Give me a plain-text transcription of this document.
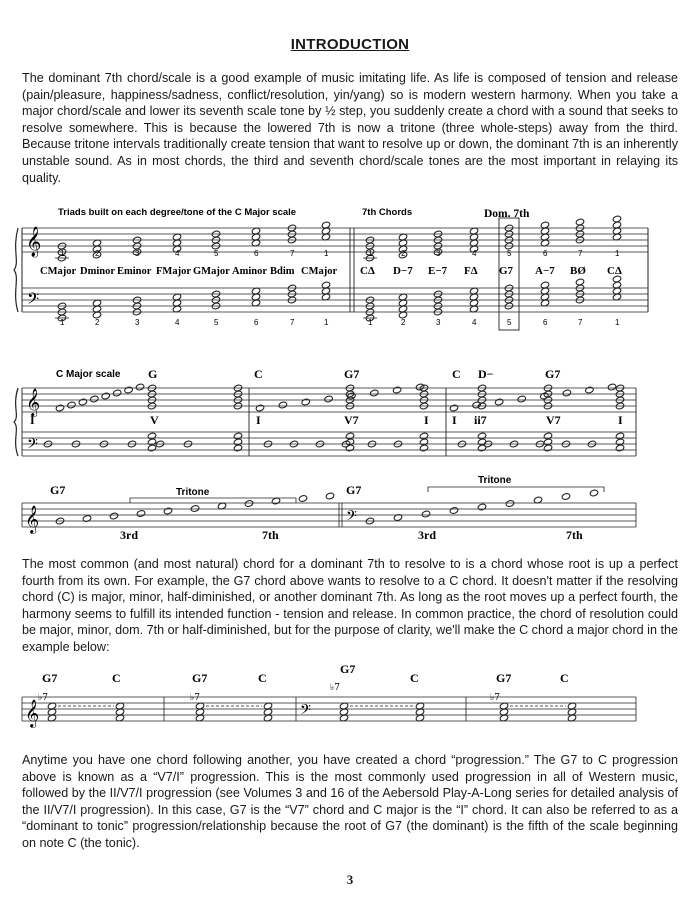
INTRODUCTION

The dominant 7th chord/scale is a good example of music imitating life. As life is composed of tension and release (pain/pleasure, happiness/sadness, conflict/resolution, yin/yang) so is modern western harmony. When you take a major chord/scale and lower its seventh scale tone by ½ step, you suddenly create a chord with a sound that seeks to resolve somewhere. This is because the lowered 7th is now a tritone (three whole-steps) away from the third. Because tritone intervals traditionally create tension that want to resolve up or down, the dominant 7th is an inherently unstable sound. As in most chords, the third and seventh chord/scale tones are the most important in relaying its quality.

Triads built on each degree/tone of the C Major scale	7th Chords	Dom. 7th
𝄞
𝄢
CMajor Dminor Eminor FMajor GMajor Aminor Bdim CMajor CΔ D−7 E−7 FΔ G7 A−7 BØ CΔ
1
1
1
1
2
2
2
2
3
3
3
3
4
4
4
4
5
5
5
5
6
6
6
6
7
7
7
7
1
1
1
1
C Major scale G	C	G7	C D−	G7
𝄞
𝄢
I	V	I	V7	I I ii7	V7	I
𝄞	𝄢
G7	G7
Tritone
Tritone
3rd	7th	3rd	7th
𝄞	𝄢
G7	C	G7	C
G7
C	G7	C
♭7	♭7
♭7
♭7

The most common (and most natural) chord for a dominant 7th to resolve to is a chord whose root is up a perfect fourth from its own. For example, the G7 chord above wants to resolve to a C chord. It doesn't matter if the resolving chord (C) is major, minor, half-diminished, or another dominant 7th. As long as the root moves up a perfect fourth, the harmony seems to fulfill its intended function - tension and release. In common practice, the chord of resolution could be major, minor, dom. 7th or half-diminished, but for the purpose of clarity, we'll make the C chord a major chord in the example below:

Anytime you have one chord following another, you have created a chord “progression.” The G7 to C progression above is known as a “V7/I” progression. This is the most commonly used progression in all of Western music, followed by the II/V7/I progression (see Volumes 3 and 16 of the Aebersold Play-A-Long series for detailed analysis of the II/V7/I progression). In this case, G7 is the “V7” chord and C major is the “I” chord. It can also be referred to as a “dominant to tonic” progression/relationship because the root of G7 (the dominant) is the fifth of the scale beginning on note C (the tonic).

3
